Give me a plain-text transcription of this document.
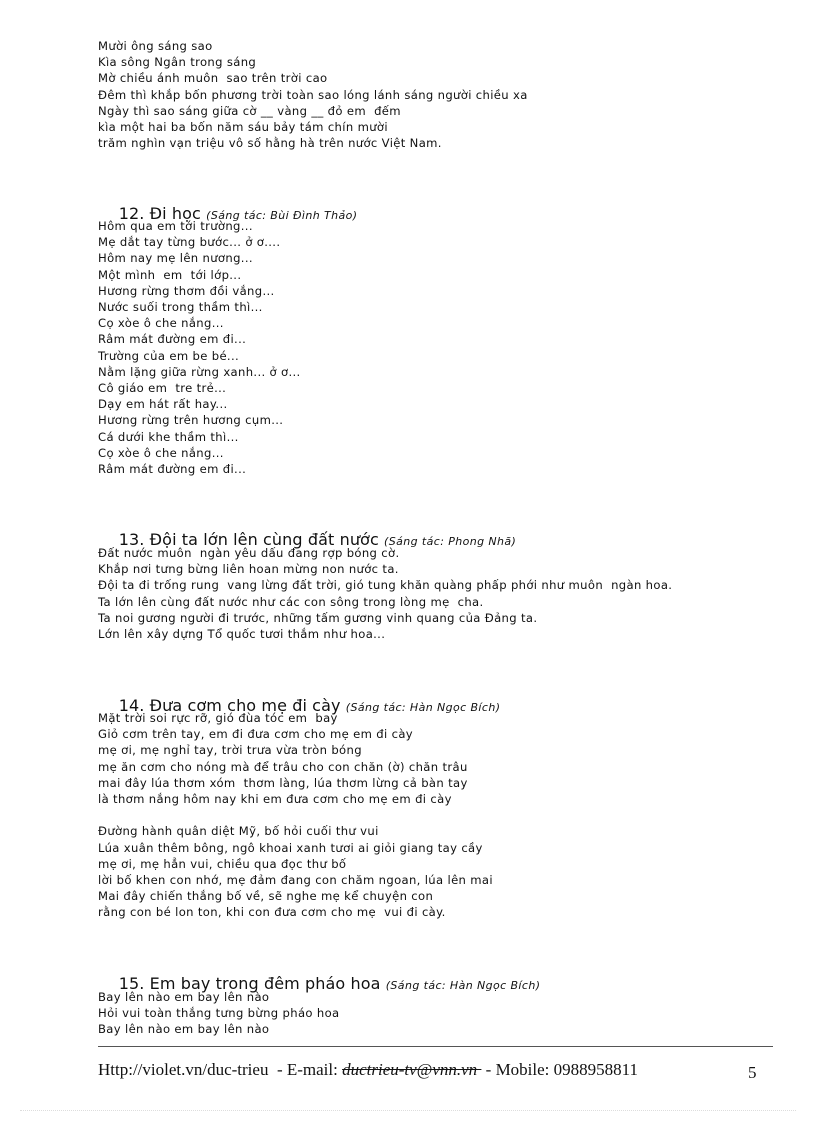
Mười ông sáng sao
Kìa sông Ngân trong sáng
Mờ chiều ánh muôn  sao trên trời cao
Đêm thì khắp bốn phương trời toàn sao lóng lánh sáng người chiều xa
Ngày thì sao sáng giữa cờ __ vàng __ đỏ em  đếm
kìa một hai ba bốn năm sáu bảy tám chín mười
trăm nghìn vạn triệu vô số hằng hà trên nước Việt Nam.

12. Đi học (Sáng tác: Bùi Đình Thảo)

Hôm qua em tới trường...
Mẹ dắt tay từng bước... ở ơ....
Hôm nay mẹ lên nương...
Một mình  em  tới lớp...
Hương rừng thơm đồi vắng...
Nước suối trong thầm thì...
Cọ xòe ô che nắng...
Râm mát đường em đi...
Trường của em be bé...
Nằm lặng giữa rừng xanh... ở ơ...
Cô giáo em  tre trẻ...
Dạy em hát rất hay...
Hương rừng trên hương cụm...
Cá dưới khe thầm thì...
Cọ xòe ô che nắng...
Râm mát đường em đi...

13. Đội ta lớn lên cùng đất nước (Sáng tác: Phong Nhã)

Đất nước muôn  ngàn yêu dấu đang rợp bóng cờ.
Khắp nơi tưng bừng liên hoan mừng non nước ta.
Đội ta đi trống rung  vang lừng đất trời, gió tung khăn quàng phấp phới như muôn  ngàn hoa.
Ta lớn lên cùng đất nước như các con sông trong lòng mẹ  cha.
Ta noi gương người đi trước, những tấm gương vinh quang của Đảng ta.
Lớn lên xây dựng Tổ quốc tươi thắm như hoa...

14. Đưa cơm cho mẹ đi cày (Sáng tác: Hàn Ngọc Bích)

Mặt trời soi rực rỡ, gió đùa tóc em  bay
Giỏ cơm trên tay, em đi đưa cơm cho mẹ em đi cày
mẹ ơi, mẹ nghỉ tay, trời trưa vừa tròn bóng
mẹ ăn cơm cho nóng mà để trâu cho con chăn (ờ) chăn trâu
mai đây lúa thơm xóm  thơm làng, lúa thơm lừng cả bàn tay
là thơm nắng hôm nay khi em đưa cơm cho mẹ em đi cày
Đường hành quân diệt Mỹ, bố hỏi cuối thư vui
Lúa xuân thêm bông, ngô khoai xanh tươi ai giỏi giang tay cầy
mẹ ơi, mẹ hẳn vui, chiều qua đọc thư bố
lời bố khen con nhớ, mẹ đảm đang con chăm ngoan, lúa lên mai
Mai đây chiến thắng bố về, sẽ nghe mẹ kể chuyện con
rằng con bé lon ton, khi con đưa cơm cho mẹ  vui đi cày.

15. Em bay trong đêm pháo hoa (Sáng tác: Hàn Ngọc Bích)

Bay lên nào em bay lên nào
Hỏi vui toàn thắng tưng bừng pháo hoa
Bay lên nào em bay lên nào
Http://violet.vn/duc-trieu  - E-mail: ductrieu-tv@vnn.vn  - Mobile: 0988958811	5
